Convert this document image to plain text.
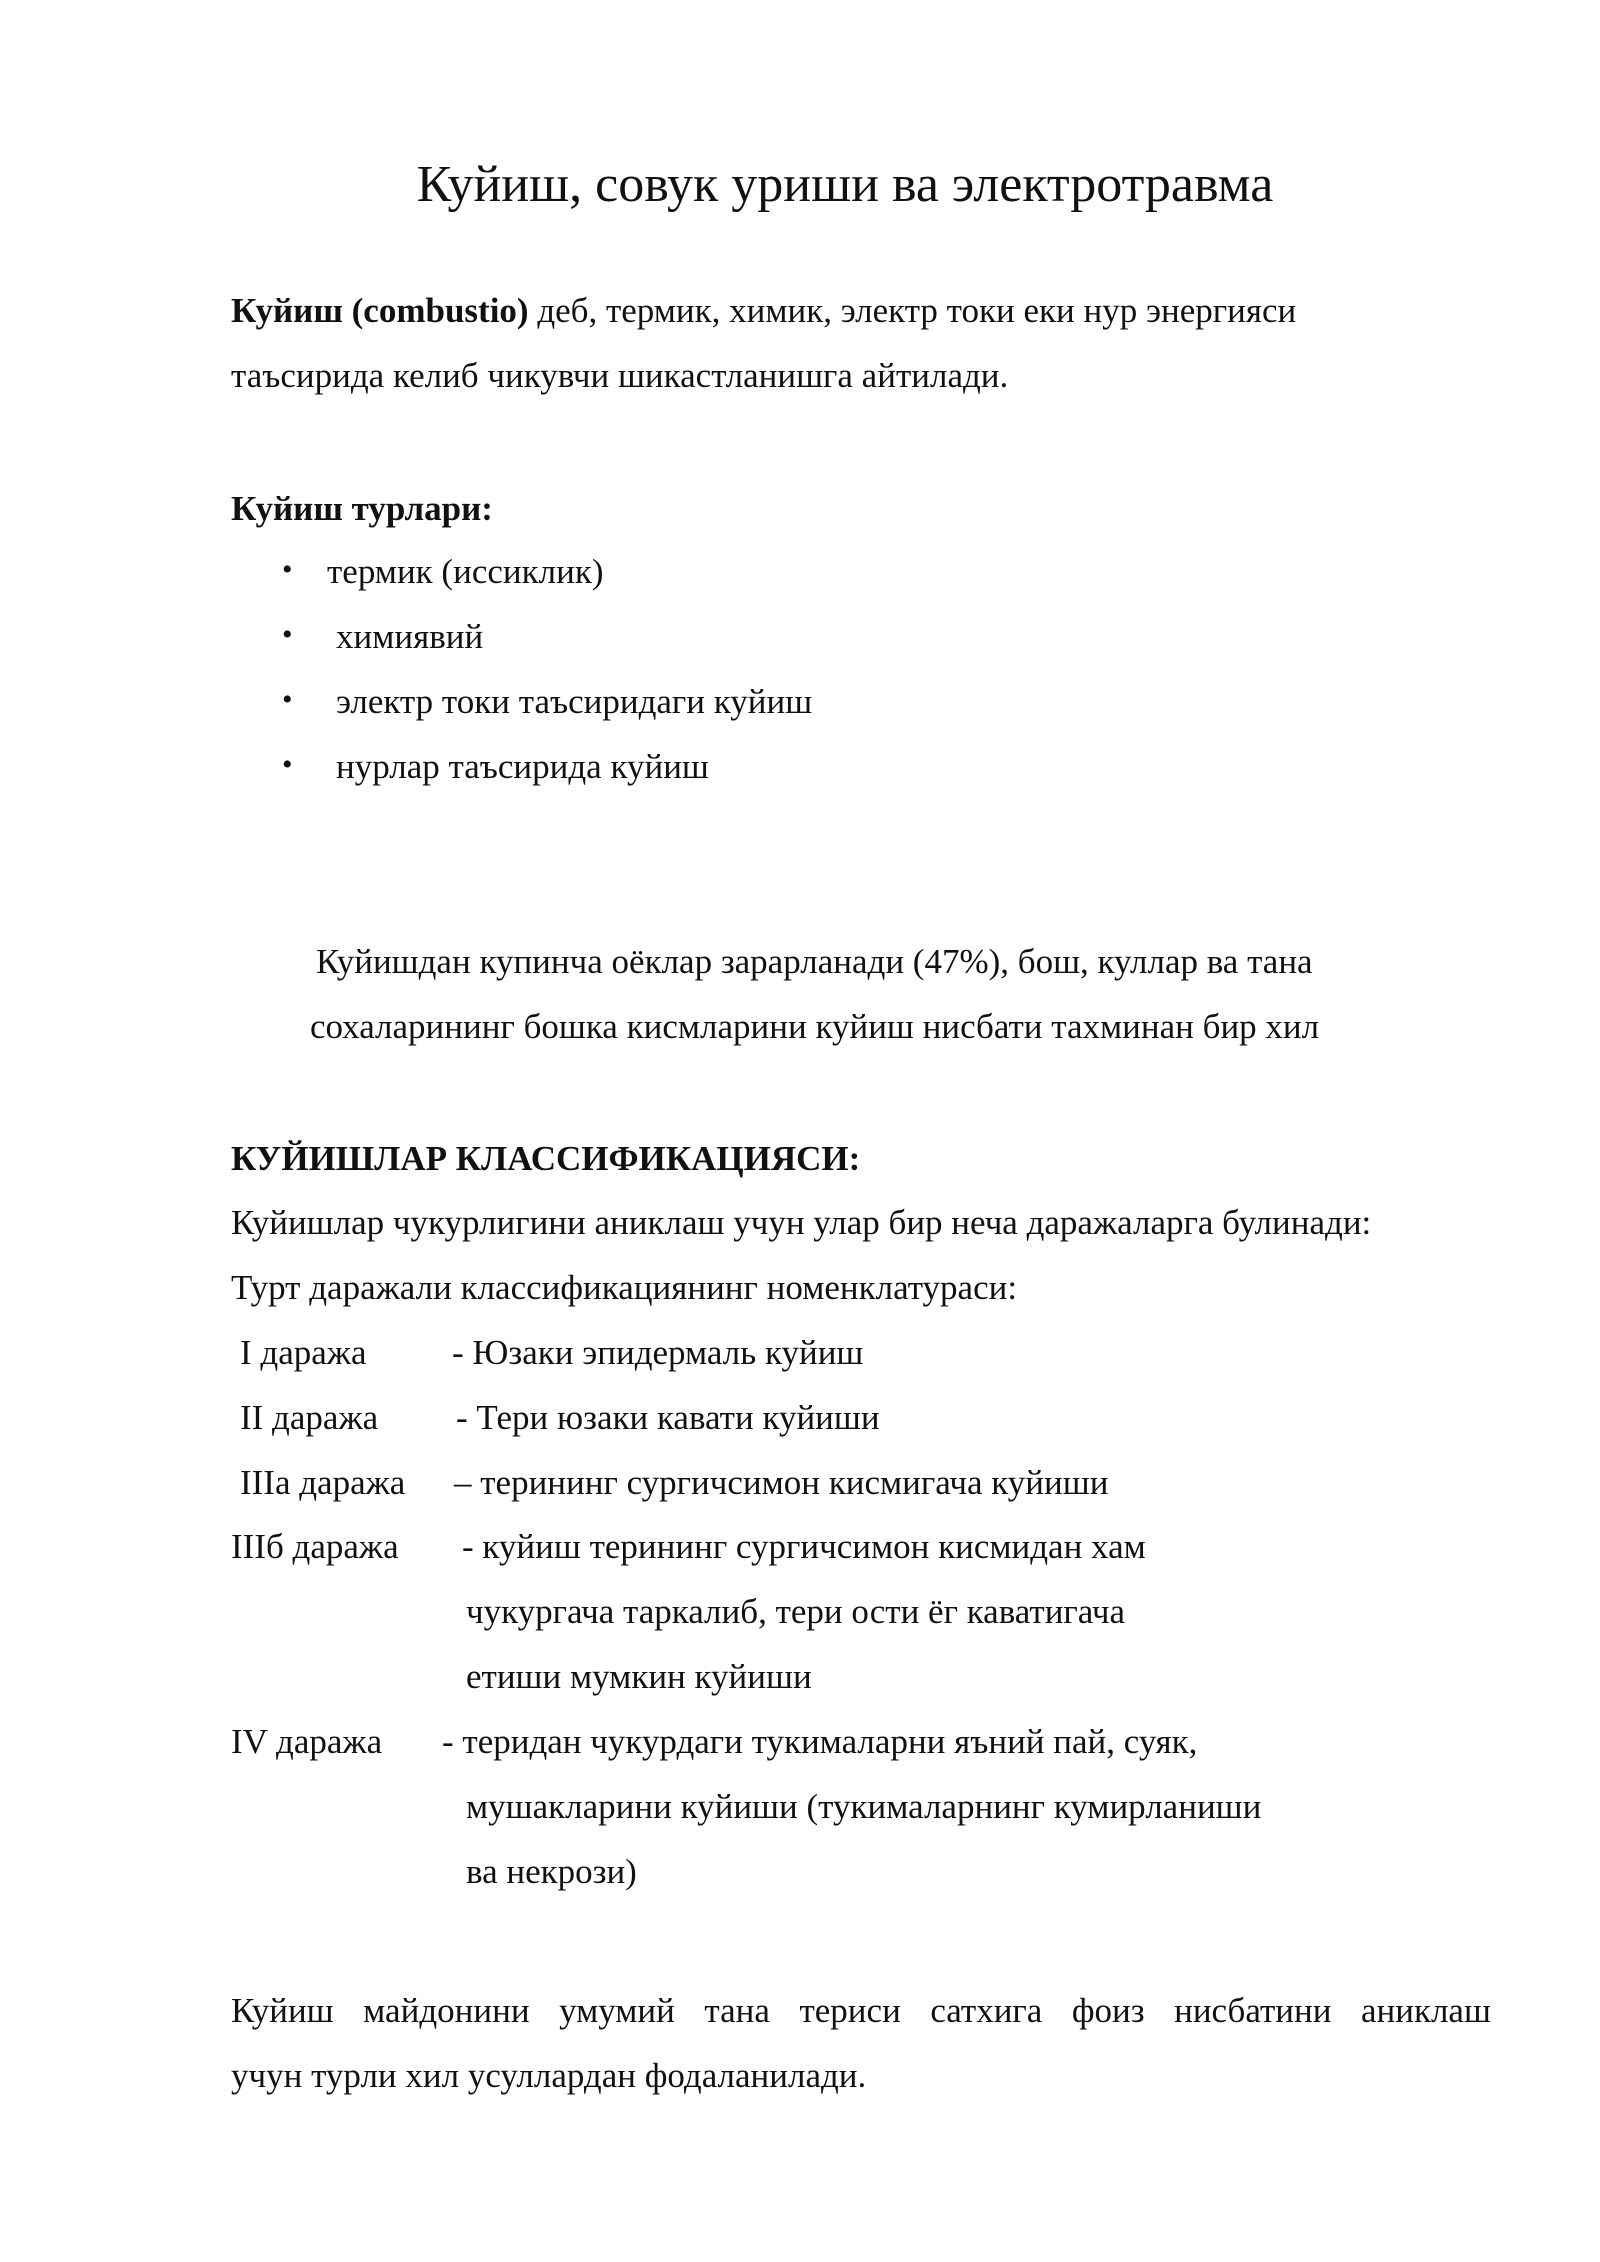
Куйиш, совук уриши ва электротравма

Куйиш (combustio) деб, термик, химик, электр токи еки нур энергияси

таъсирида келиб чикувчи шикастланишга айтилади.

Куйиш турлари:

• термик (иссиклик)

• химиявий

• электр токи таъсиридаги куйиш

• нурлар таъсирида куйиш

Куйишдан купинча оёклар зарарланади (47%), бош, куллар ва тана

сохаларининг бошка кисмларини куйиш нисбати тахминан бир хил

КУЙИШЛАР КЛАССИФИКАЦИЯСИ:

Куйишлар чукурлигини аниклаш учун улар бир неча даражаларга булинади:

Турт даражали классификациянинг номенклатураси:

I даража - Юзаки эпидермаль куйиш

II даража - Тери юзаки кавати куйиши

IIIа даража – терининг сургичсимон кисмигача куйиши

IIIб даража - куйиш терининг сургичсимон кисмидан хам

чукургача таркалиб, тери ости ёг каватигача

етиши мумкин куйиши

IV даража - теридан чукурдаги тукималарни яъний пай, суяк,

мушакларини куйиши (тукималарнинг кумирланиши

ва некрози)

Куйиш майдонини умумий тана териси сатхига фоиз нисбатини аниклаш

учун турли хил усуллардан фодаланилади.
